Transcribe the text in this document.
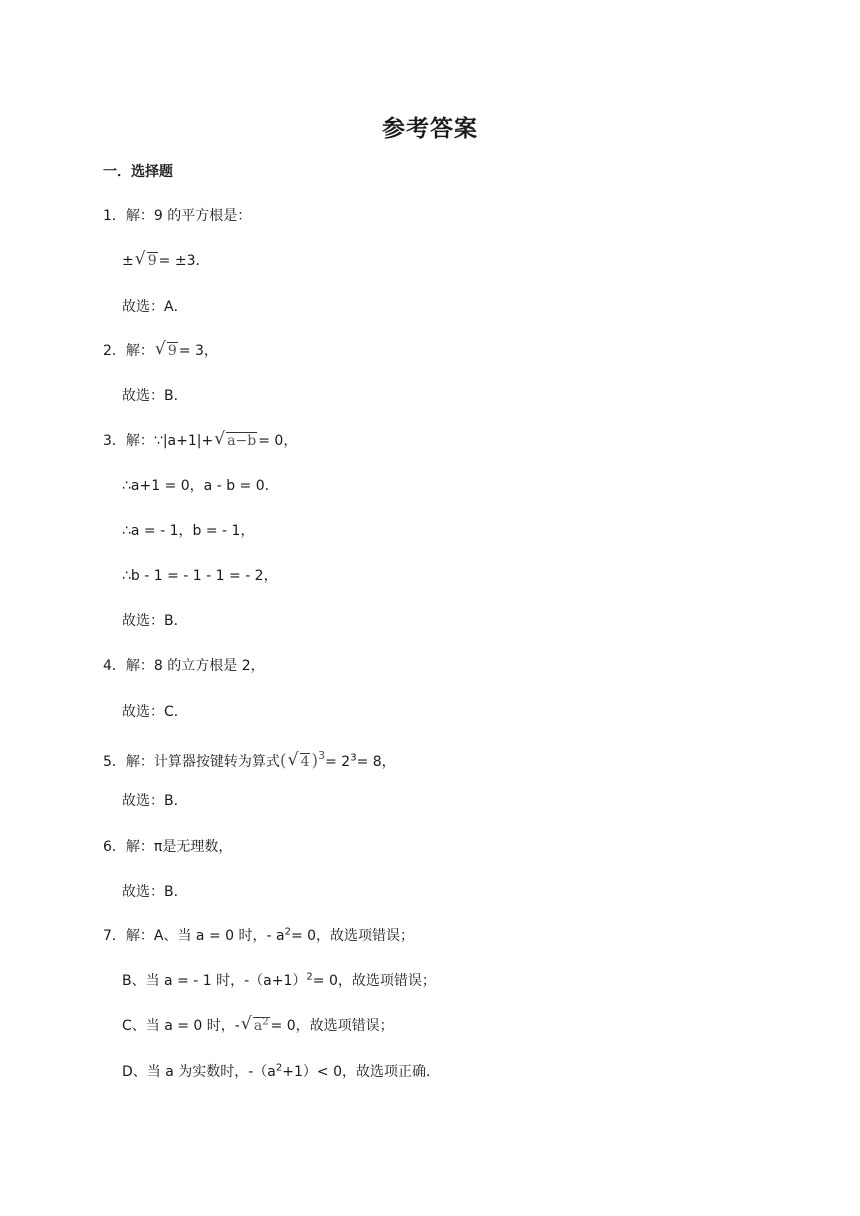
参考答案
一．选择题
1．解：9 的平方根是：
± √ 9 = ±3．
故选：A．
2．解： √ 9 = 3，
故选：B．
3．解：∵|a+1|+ √ a−b = 0，
∴a+1 = 0，a - b = 0．
∴a = - 1，b = - 1，
∴b - 1 = - 1 - 1 = - 2，
故选：B．
4．解：8 的立方根是 2，
故选：C．
5．解：计算器按键转为算式( √ 4 )$^3= 2^3= 8$，
故选：B．
6．解：π是无理数，
故选：B．
7．解：A、当 a = 0 时，- $a^2= 0$，故选项错误；
B、当 a = - 1 时，$-(a+1)^2= 0$，故选项错误；
C、当 a = 0 时，- √ $a^2 = 0$，故选项错误；
D、当 a 为实数时，$-(a^2+1)< 0$，故选项正确．
